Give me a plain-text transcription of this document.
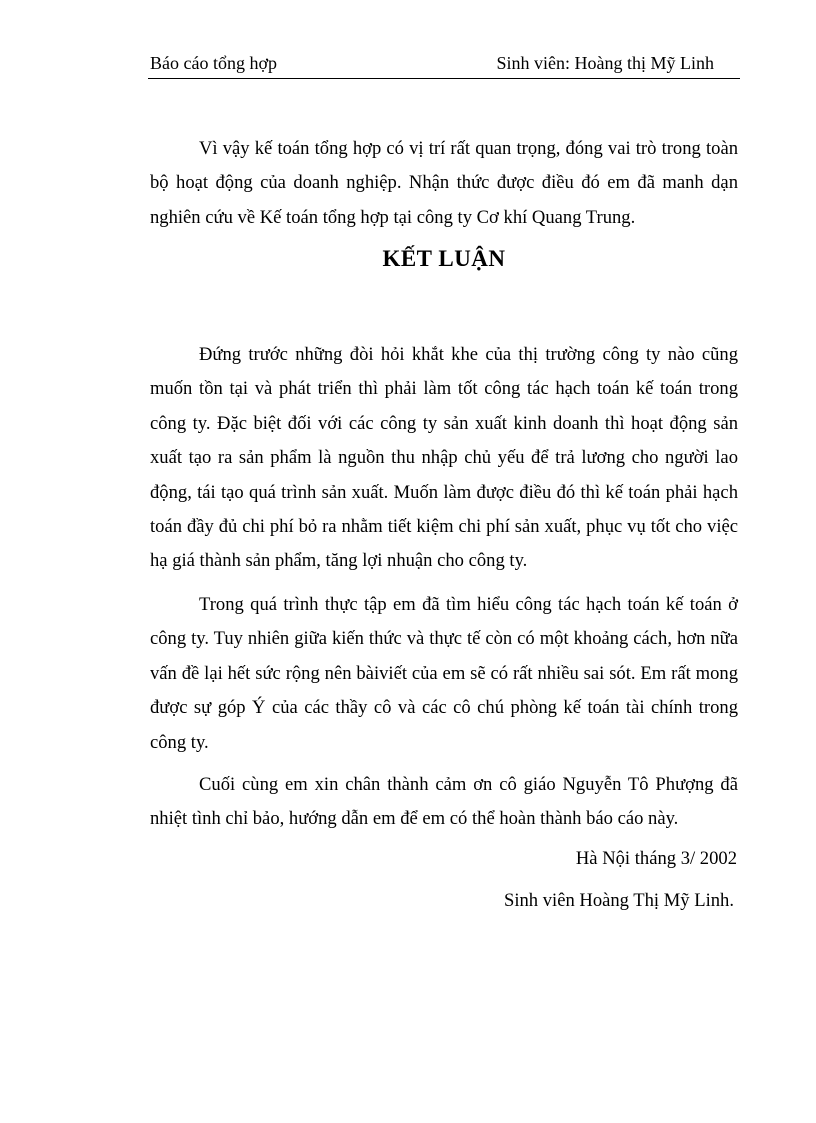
Báo cáo tổng hợp	Sinh viên: Hoàng thị Mỹ Linh

Vì vậy kế toán tổng hợp có vị trí rất quan trọng, đóng vai trò trong toàn bộ hoạt động của doanh nghiệp. Nhận thức được điều đó em đã manh dạn nghiên cứu về Kế toán tổng hợp tại công ty Cơ khí Quang Trung.

KẾT LUẬN

Đứng trước những đòi hỏi khắt khe của thị trường công ty nào cũng muốn tồn tại và phát triển thì phải làm tốt công tác hạch toán kế toán trong công ty. Đặc biệt đối với các công ty sản xuất kinh doanh thì hoạt động sản xuất tạo ra sản phẩm là nguồn thu nhập chủ yếu để trả lương cho người lao động, tái tạo quá trình sản xuất. Muốn làm được điều đó thì kế toán phải hạch toán đầy đủ chi phí bỏ ra nhằm tiết kiệm chi phí sản xuất, phục vụ tốt cho việc hạ giá thành sản phẩm, tăng lợi nhuận cho công ty.

Trong quá trình thực tập em đã tìm hiểu công tác hạch toán kế toán ở công ty. Tuy nhiên giữa kiến thức và thực tế còn có một khoảng cách, hơn nữa vấn đề lại hết sức rộng nên bàiviết của em sẽ có rất nhiều sai sót. Em rất mong được sự góp Ý của các thầy cô và các cô chú phòng kế toán tài chính trong công ty.

Cuối cùng em xin chân thành cảm ơn cô giáo Nguyễn Tô Phượng đã nhiệt tình chỉ bảo, hướng dẫn em để em có thể hoàn thành báo cáo này.

Hà Nội tháng 3/ 2002
Sinh viên Hoàng Thị Mỹ Linh.
